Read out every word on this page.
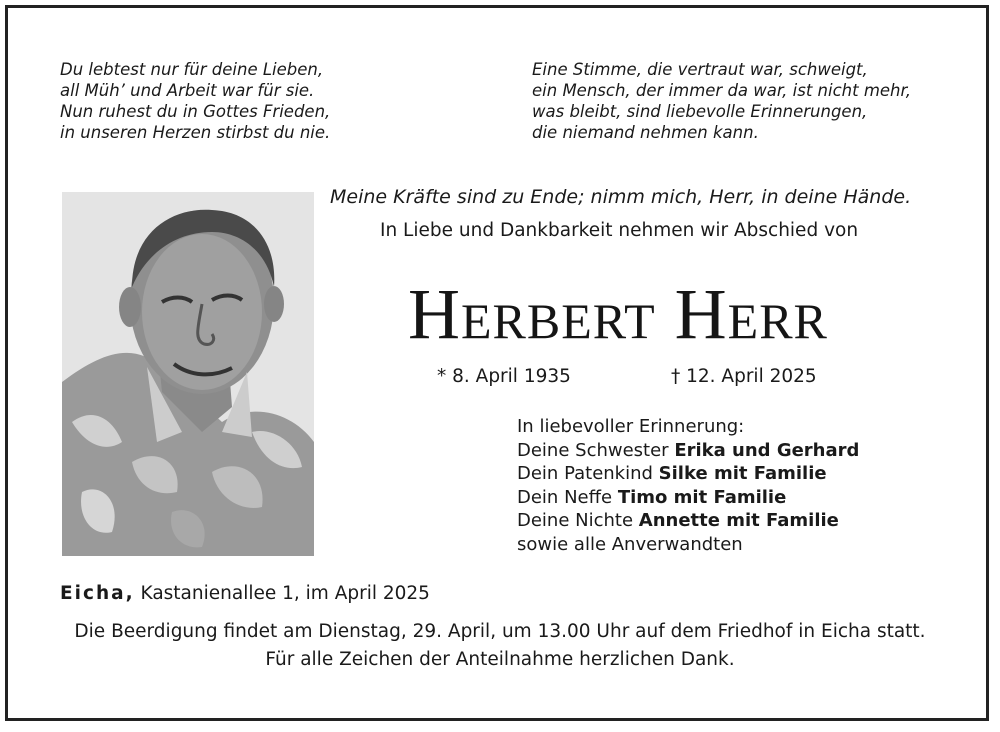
Du lebtest nur für deine Lieben,
all Müh’ und Arbeit war für sie.
Nun ruhest du in Gottes Frieden,
in unseren Herzen stirbst du nie.
Eine Stimme, die vertraut war, schweigt,
ein Mensch, der immer da war, ist nicht mehr,
was bleibt, sind liebevolle Erinnerungen,
die niemand nehmen kann.
Meine Kräfte sind zu Ende; nimm mich, Herr, in deine Hände.
In Liebe und Dankbarkeit nehmen wir Abschied von
Herbert Herr
* 8. April 1935	† 12. April 2025
In liebevoller Erinnerung:
Deine Schwester Erika und Gerhard
Dein Patenkind Silke mit Familie
Dein Neffe Timo mit Familie
Deine Nichte Annette mit Familie
sowie alle Anverwandten
Eicha, Kastanienallee 1, im April 2025
Die Beerdigung findet am Dienstag, 29. April, um 13.00 Uhr auf dem Friedhof in Eicha statt.
Für alle Zeichen der Anteilnahme herzlichen Dank.
